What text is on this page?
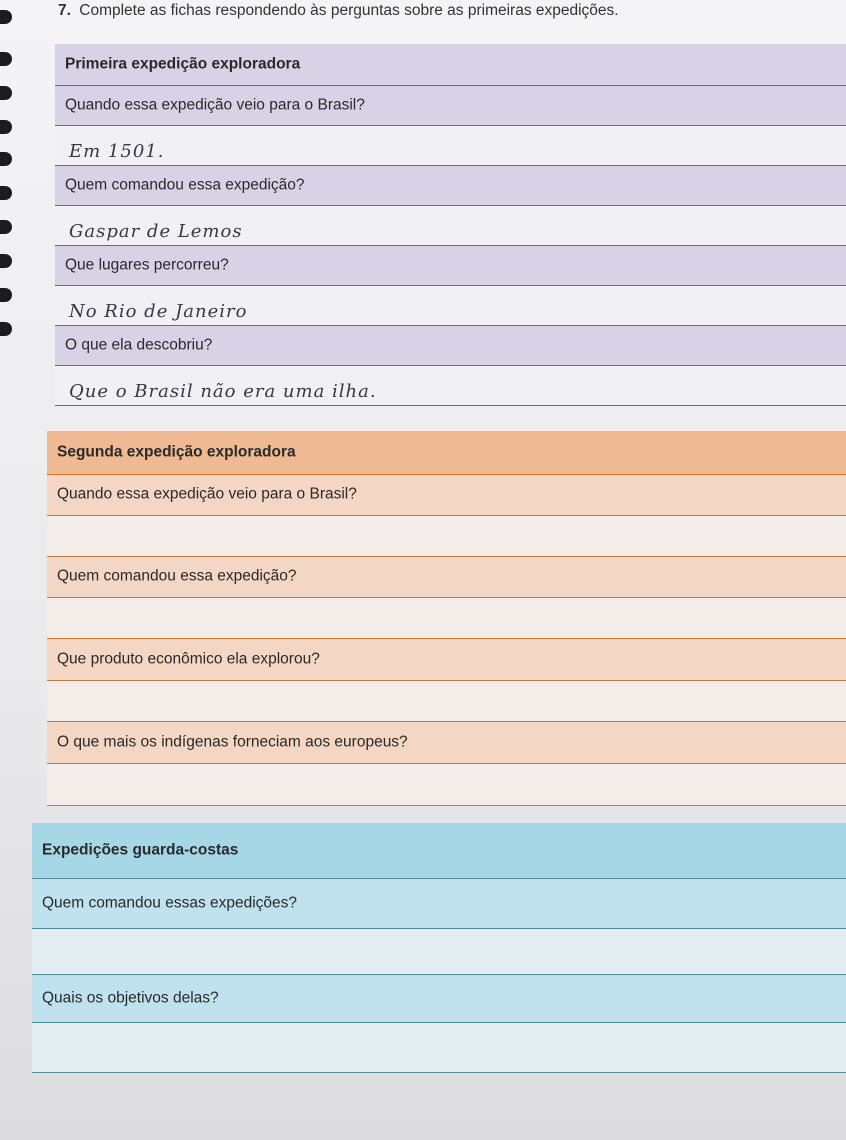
7. Complete as fichas respondendo às perguntas sobre as primeiras expedições.
Primeira expedição exploradora
Quando essa expedição veio para o Brasil?
Em 1501.
Quem comandou essa expedição?
Gaspar de Lemos
Que lugares percorreu?
No Rio de Janeiro
O que ela descobriu?
Que o Brasil não era uma ilha.
Segunda expedição exploradora
Quando essa expedição veio para o Brasil?
Quem comandou essa expedição?
Que produto econômico ela explorou?
O que mais os indígenas forneciam aos europeus?
Expedições guarda-costas
Quem comandou essas expedições?
Quais os objetivos delas?
